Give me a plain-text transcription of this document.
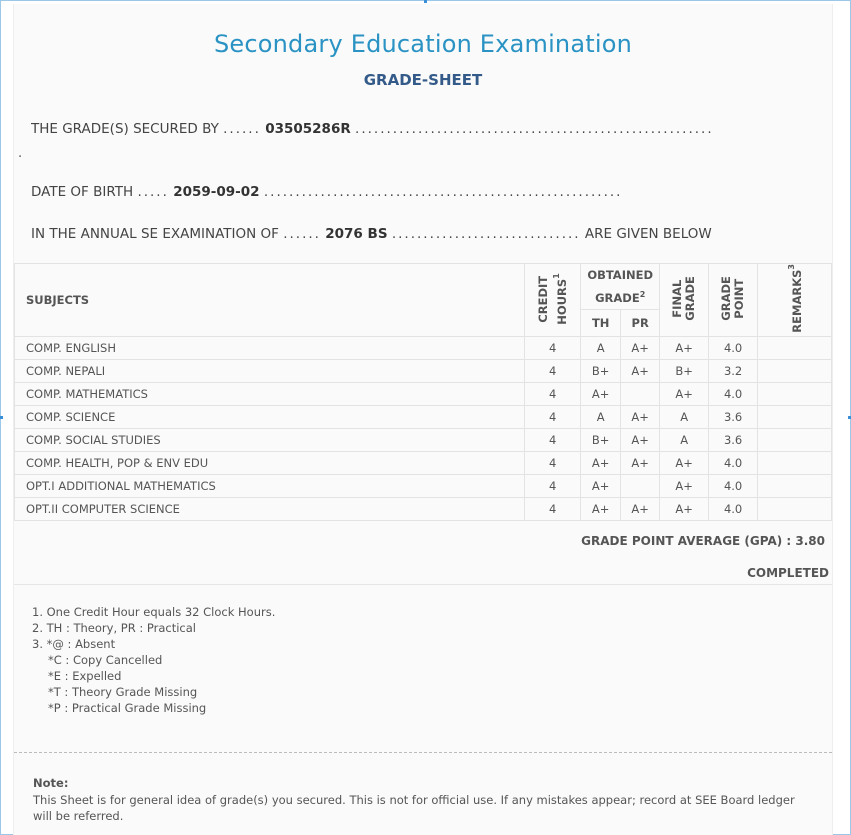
Secondary Education Examination
GRADE-SHEET
THE GRADE(S) SECURED BY ...... 03505286R .........................................................
.
DATE OF BIRTH ..... 2059-09-02 .........................................................
IN THE ANNUAL SE EXAMINATION OF ...... 2076 BS .............................. ARE GIVEN BELOW
SUBJECTS	CREDIT HOURS$^1$	OBTAINED GRADE$^2$		FINAL GRADE	GRADE POINT	REMARKS$^3$
		TH	PR			
COMP. ENGLISH	4	A	A+	A+	4.0	
COMP. NEPALI	4	B+	A+	B+	3.2	
COMP. MATHEMATICS	4	A+		A+	4.0	
COMP. SCIENCE	4	A	A+	A	3.6	
COMP. SOCIAL STUDIES	4	B+	A+	A	3.6	
COMP. HEALTH, POP & ENV EDU	4	A+	A+	A+	4.0	
OPT.I ADDITIONAL MATHEMATICS	4	A+		A+	4.0	
OPT.II COMPUTER SCIENCE	4	A+	A+	A+	4.0	
GRADE POINT AVERAGE (GPA) : 3.80
COMPLETED
1. One Credit Hour equals 32 Clock Hours.
2. TH : Theory, PR : Practical
3. *@ : Absent
*C : Copy Cancelled
*E : Expelled
*T : Theory Grade Missing
*P : Practical Grade Missing
Note:
This Sheet is for general idea of grade(s) you secured. This is not for official use. If any mistakes appear; record at SEE Board ledger will be referred.
